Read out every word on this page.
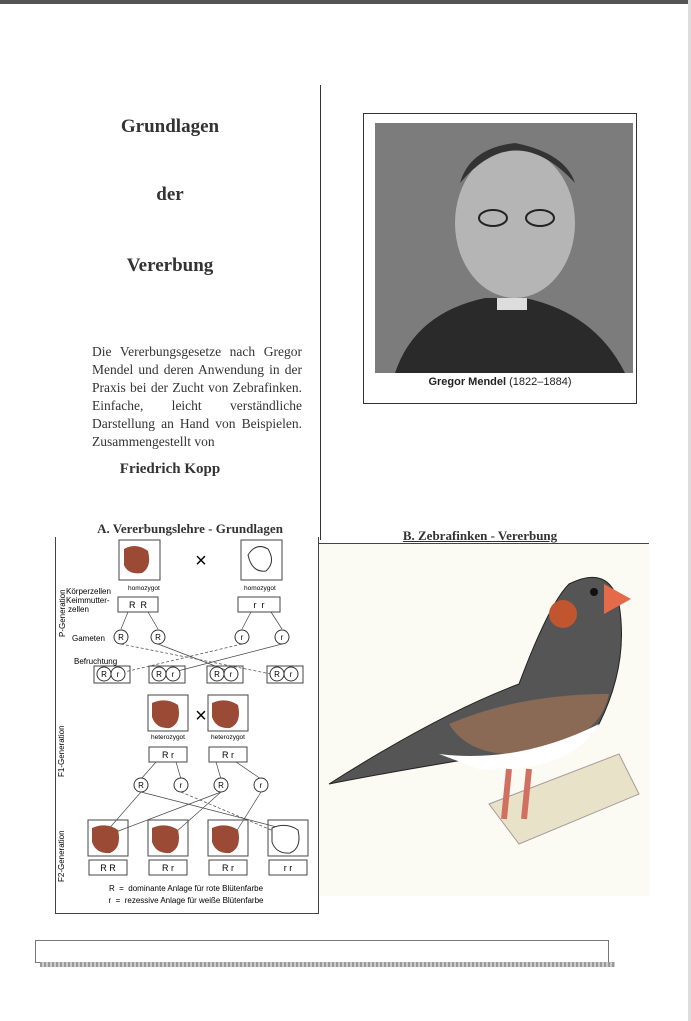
Grundlagen
der
Vererbung
Die Vererbungsgesetze nach Gregor Mendel und deren Anwendung in der Praxis bei der Zucht von Zebrafinken. Einfache, leicht verständliche Darstellung an Hand von Beispielen. Zusammengestellt von
Friedrich Kopp
Gregor Mendel (1822–1884)
A. Vererbungslehre - Grundlagen	B. Zebrafinken - Vererbung
×
homozygot	homozygot
Körperzellen
Keimmutter-
zellen	R  R	r  r
P-Generation
Gameten
Befruchtung
F1-Generation
F2-Generation
R  =  dominante Anlage für rote Blütenfarbe
r  =  rezessive Anlage für weiße Blütenfarbe
R	R	r	r
R r	R r	R r	R r
heterozygot	heterozygot
×
R r	R r
R	r	R	r
R R	R r	R r	r r
